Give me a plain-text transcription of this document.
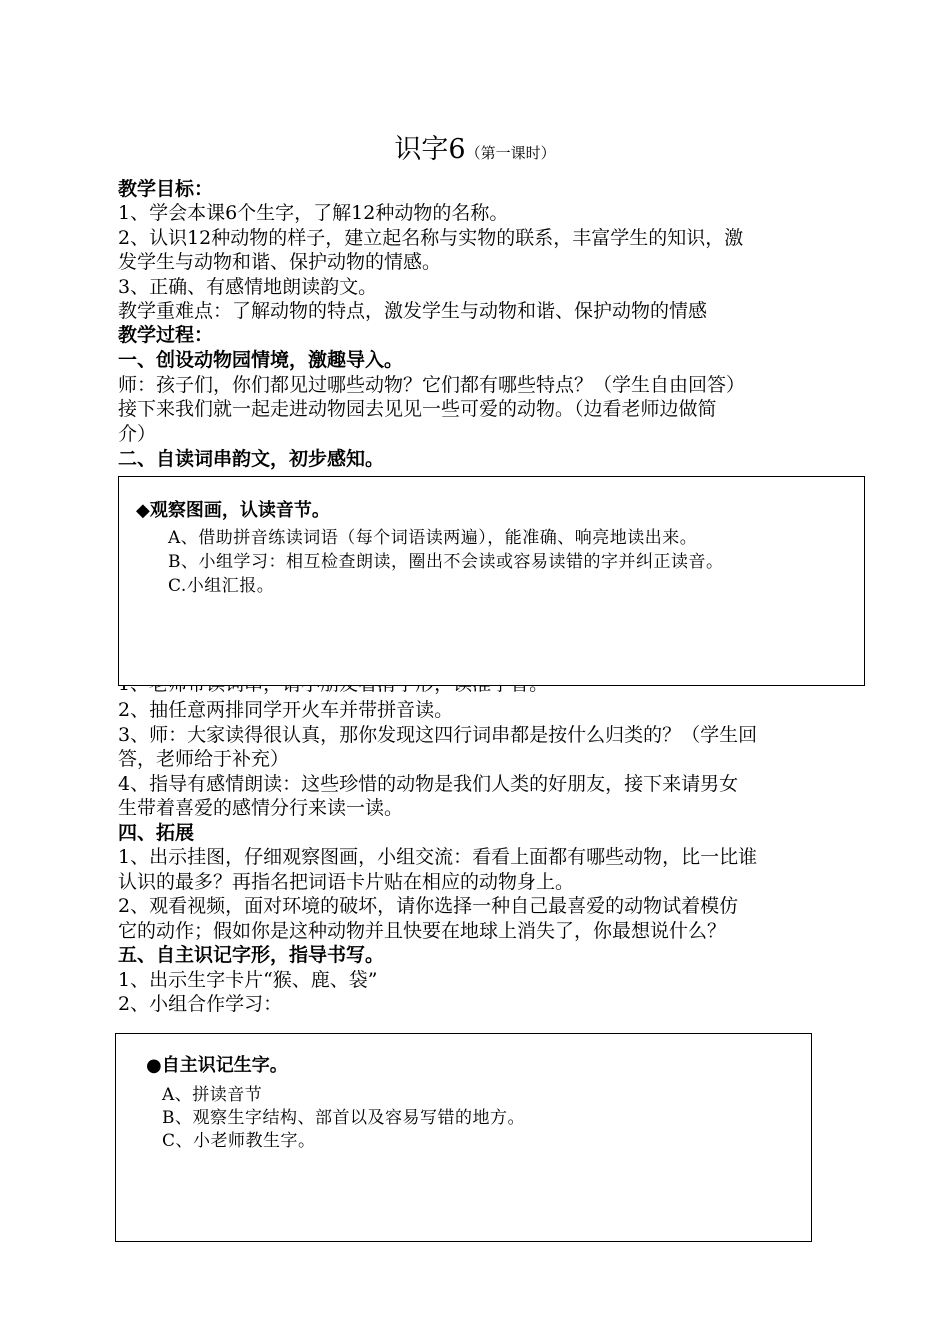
识字6（第一课时）
教学目标：
1、学会本课6个生字，了解12种动物的名称。
2、认识12种动物的样子，建立起名称与实物的联系，丰富学生的知识，激
发学生与动物和谐、保护动物的情感。
3、正确、有感情地朗读韵文。
教学重难点：了解动物的特点，激发学生与动物和谐、保护动物的情感
教学过程：
一、创设动物园情境，激趣导入。
师：孩子们，你们都见过哪些动物？它们都有哪些特点？（学生自由回答）
接下来我们就一起走进动物园去见见一些可爱的动物。（边看老师边做简
介）
二、自读词串韵文，初步感知。
◆观察图画，认读音节。
A、借助拼音练读词语（每个词语读两遍），能准确、响亮地读出来。
B、小组学习：相互检查朗读，圈出不会读或容易读错的字并纠正读音。
C.小组汇报。
2、抽任意两排同学开火车并带拼音读。
3、师：大家读得很认真，那你发现这四行词串都是按什么归类的？（学生回
答，老师给于补充）
4、指导有感情朗读：这些珍惜的动物是我们人类的好朋友，接下来请男女
生带着喜爱的感情分行来读一读。
四、拓展
1、出示挂图，仔细观察图画，小组交流：看看上面都有哪些动物，比一比谁
认识的最多？再指名把词语卡片贴在相应的动物身上。
2、观看视频，面对环境的破坏，请你选择一种自己最喜爱的动物试着模仿
它的动作；假如你是这种动物并且快要在地球上消失了，你最想说什么？
五、自主识记字形，指导书写。
1、出示生字卡片“猴、鹿、袋”
2、小组合作学习：
●自主识记生字。
A、拼读音节
B、观察生字结构、部首以及容易写错的地方。
C、小老师教生字。
